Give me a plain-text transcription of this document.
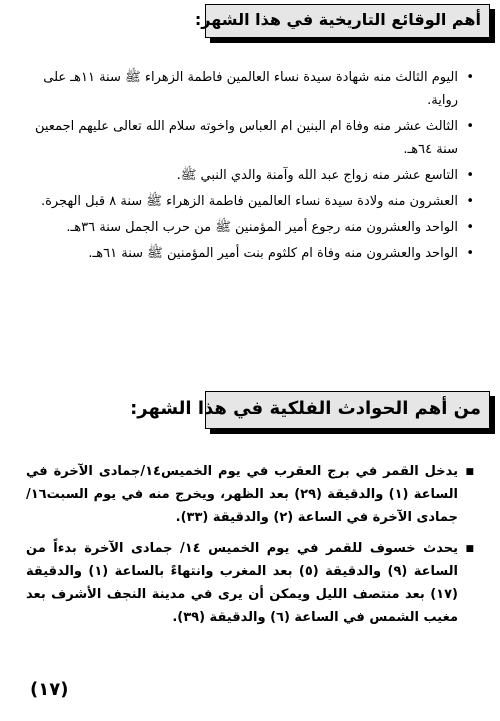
أهم الوقائع التاريخية في هذا الشهر:
•
اليوم الثالث منه شهادة سيدة نساء العالمين فاطمة الزهراء ﷺ سنة ١١هـ على رواية.
•
الثالث عشر منه وفاة ام البنين ام العباس واخوته سلام الله تعالى عليهم اجمعين سنة ٦٤هـ.
•
التاسع عشر منه زواج عبد الله وآمنة والدي النبي ﷺ.
•
العشرون منه ولادة سيدة نساء العالمين فاطمة الزهراء ﷺ سنة ٨ قبل الهجرة.
•
الواحد والعشرون منه رجوع أمير المؤمنين ﷺ من حرب الجمل سنة ٣٦هـ.
•
الواحد والعشرون منه وفاة ام كلثوم بنت أمير المؤمنين ﷺ سنة ٦١هـ.
من أهم الحوادث الفلكية في هذا الشهر:
■
يدخل القمر في برج العقرب في يوم الخميس١٤/جمادى الآخرة في الساعة (١) والدقيقة (٢٩) بعد الظهر، ويخرج منه في يوم السبت١٦/جمادى الآخرة في الساعة (٢) والدقيقة (٣٣).
■
يحدث خسوف للقمر في يوم الخميس ١٤/ جمادى الآخرة بدءاً من الساعة (٩) والدقيقة (٥) بعد المغرب وانتهاءً بالساعة (١) والدقيقة (١٧) بعد منتصف الليل ويمكن أن يرى في مدينة النجف الأشرف بعد مغيب الشمس في الساعة (٦) والدقيقة (٣٩).
(١٧)
